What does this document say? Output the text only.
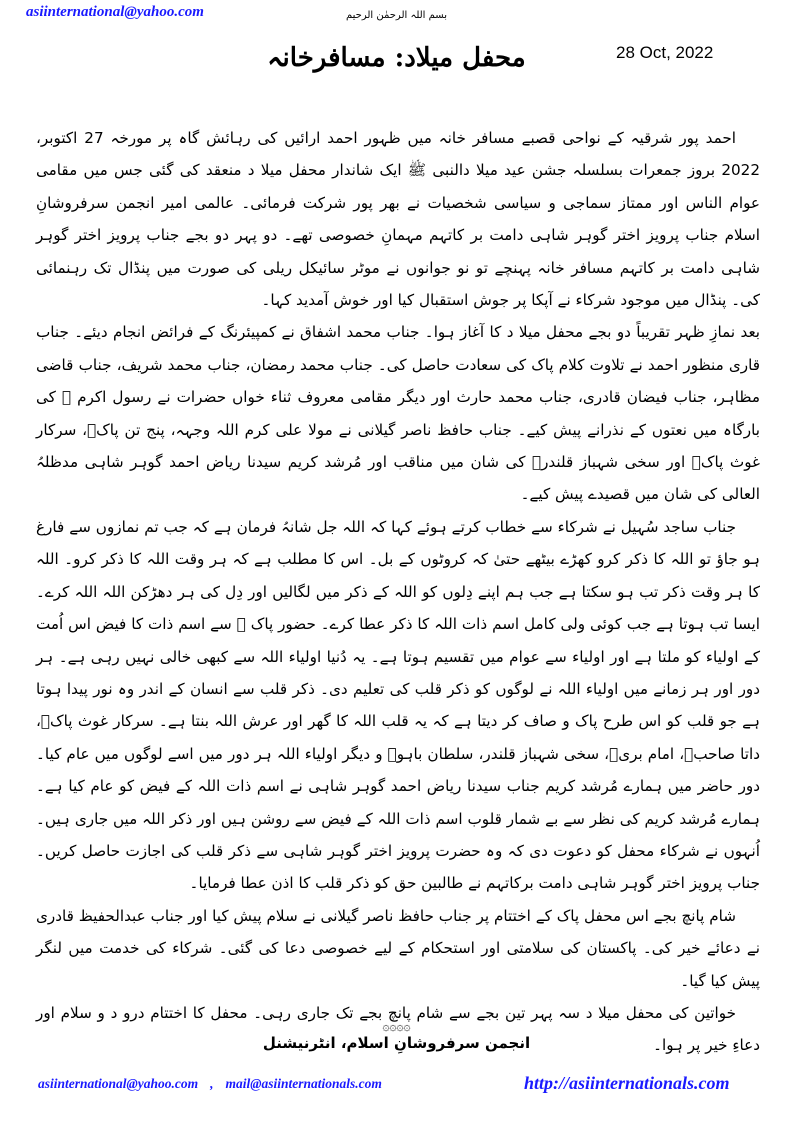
asiinternational@yahoo.com	بسم اللہ الرحمٰن الرحیم
28 Oct, 2022
محفل میلاد: مسافرخانہ

احمد پور شرقیہ کے نواحی قصبے مسافر خانہ میں ظہور احمد ارائیں کی رہائش گاہ پر مورخہ 27 اکتوبر، 2022 بروز جمعرات بسلسلہ جشن عید میلا دالنبی ﷺ ایک شاندار محفل میلا د منعقد کی گئی جس میں مقامی عوام الناس اور ممتاز سماجی و سیاسی شخصیات نے بھر پور شرکت فرمائی۔ عالمی امیر انجمن سرفروشانِ اسلام جناب پرویز اختر گوہر شاہی دامت بر کاتہم مہمانِ خصوصی تھے۔ دو پہر دو بجے جناب پرویز اختر گوہر شاہی دامت بر کاتہم مسافر خانہ پہنچے تو نو جوانوں نے موٹر سائیکل ریلی کی صورت میں پنڈال تک رہنمائی کی۔ پنڈال میں موجود شرکاء نے آپکا پر جوش استقبال کیا اور خوش آمدید کہا۔

بعد نمازِ ظہر تقریباً دو بجے محفل میلا د کا آغاز ہوا۔ جناب محمد اشفاق نے کمپیئرنگ کے فرائض انجام دیئے۔ جناب قاری منظور احمد نے تلاوت کلام پاک کی سعادت حاصل کی۔ جناب محمد رمضان، جناب محمد شریف، جناب قاضی مظاہر، جناب فیضان قادری، جناب محمد حارث اور دیگر مقامی معروف ثناء خواں حضرات نے رسول اکرم ﷺ کی بارگاہ میں نعتوں کے نذرانے پیش کیے۔ جناب حافظ ناصر گیلانی نے مولا علی کرم اللہ وجہہ، پنج تن پاکؑ، سرکار غوث پاکؓ اور سخی شہباز قلندرؒ کی شان میں مناقب اور مُرشد کریم سیدنا ریاض احمد گوہر شاہی مدظلہُ العالی کی شان میں قصیدے پیش کیے۔

جناب ساجد سُہیل نے شرکاء سے خطاب کرتے ہوئے کہا کہ اللہ جل شانہُ فرمان ہے کہ جب تم نمازوں سے فارغ ہو جاؤ تو اللہ کا ذکر کرو کھڑے بیٹھے حتیٰ کہ کروٹوں کے بل۔ اس کا مطلب ہے کہ ہر وقت اللہ کا ذکر کرو۔ اللہ کا ہر وقت ذکر تب ہو سکتا ہے جب ہم اپنے دِلوں کو اللہ کے ذکر میں لگالیں اور دِل کی ہر دھڑکن اللہ اللہ کرے۔ ایسا تب ہوتا ہے جب کوئی ولی کامل اسم ذات اللہ کا ذکر عطا کرے۔ حضور پاک ﷺ سے اسم ذات کا فیض اس اُمت کے اولیاء کو ملتا ہے اور اولیاء سے عوام میں تقسیم ہوتا ہے۔ یہ دُنیا اولیاء اللہ سے کبھی خالی نہیں رہی ہے۔ ہر دور اور ہر زمانے میں اولیاء اللہ نے لوگوں کو ذکر قلب کی تعلیم دی۔ ذکر قلب سے انسان کے اندر وہ نور پیدا ہوتا ہے جو قلب کو اس طرح پاک و صاف کر دیتا ہے کہ یہ قلب اللہ کا گھر اور عرش اللہ بنتا ہے۔ سرکار غوث پاکؓ، داتا صاحبؒ، امام بریؒ، سخی شہباز قلندر، سلطان باہوؒ و دیگر اولیاء اللہ ہر دور میں اسے لوگوں میں عام کیا۔ دور حاضر میں ہمارے مُرشد کریم جناب سیدنا ریاض احمد گوہر شاہی نے اسم ذات اللہ کے فیض کو عام کیا ہے۔ ہمارے مُرشد کریم کی نظر سے بے شمار قلوب اسم ذات اللہ کے فیض سے روشن ہیں اور ذکر اللہ میں جاری ہیں۔ اُنہوں نے شرکاء محفل کو دعوت دی کہ وہ حضرت پرویز اختر گوہر شاہی سے ذکر قلب کی اجازت حاصل کریں۔ جناب پرویز اختر گوہر شاہی دامت برکاتہم نے طالبین حق کو ذکر قلب کا اذن عطا فرمایا۔

شام پانچ بجے اس محفل پاک کے اختتام پر جناب حافظ ناصر گیلانی نے سلام پیش کیا اور جناب عبدالحفیظ قادری نے دعائے خیر کی۔ پاکستان کی سلامتی اور استحکام کے لیے خصوصی دعا کی گئی۔ شرکاء کی خدمت میں لنگر پیش کیا گیا۔

خواتین کی محفل میلا د سہ پہر تین بجے سے شام پانچ بجے تک جاری رہی۔ محفل کا اختتام درو د و سلام اور دعاءِ خیر پر ہوا۔

۞۞۞۞
انجمن سرفروشانِ اسلام، انٹرنیشنل
asiinternational@yahoo.com , mail@asiinternationals.com	http://asiinternationals.com
